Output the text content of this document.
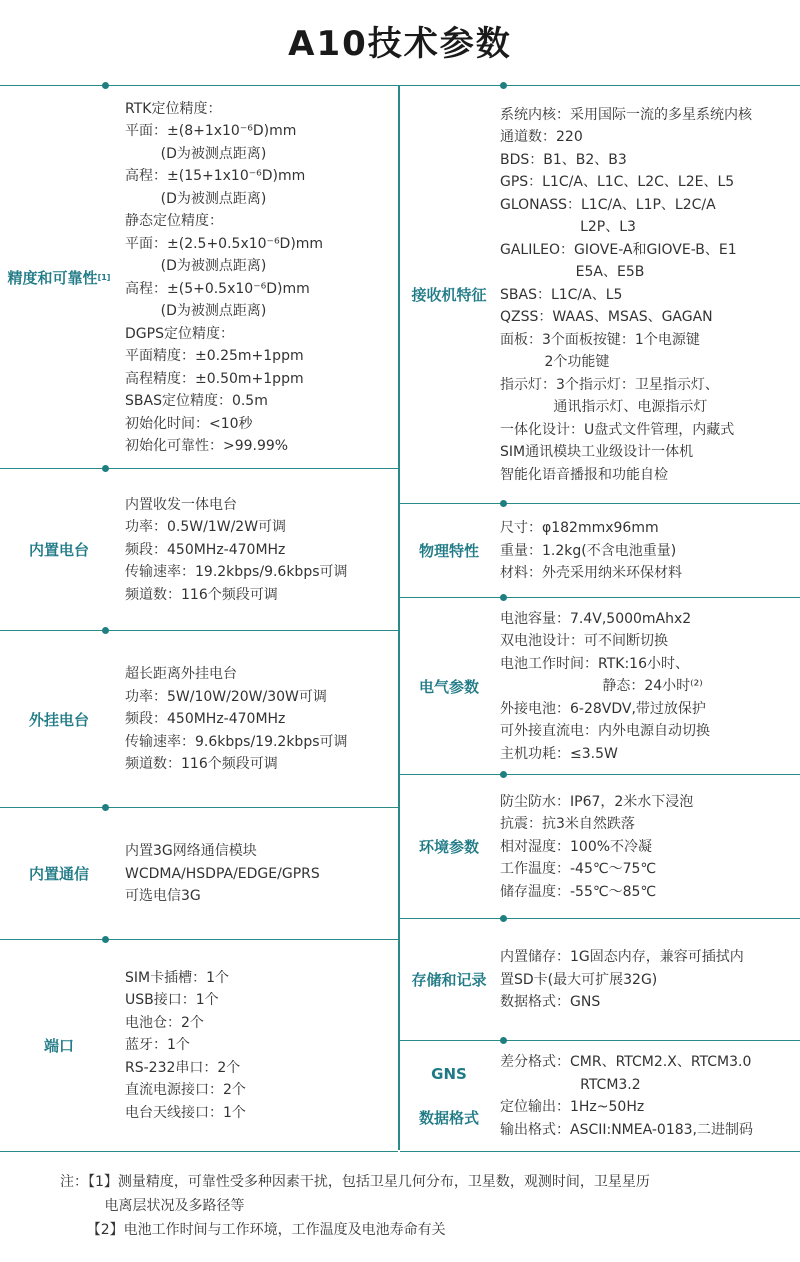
A10技术参数
精度和可靠性 [1]
RTK定位精度：
平面：±(8+1x10⁻⁶D)mm
(D为被测点距离)
高程：±(15+1x10⁻⁶D)mm
(D为被测点距离)
静态定位精度：
平面：±(2.5+0.5x10⁻⁶D)mm
(D为被测点距离)
高程：±(5+0.5x10⁻⁶D)mm
(D为被测点距离)
DGPS定位精度：
平面精度：±0.25m+1ppm
高程精度：±0.50m+1ppm
SBAS定位精度：0.5m
初始化时间：<10秒
初始化可靠性：>99.99%
内置电台
内置收发一体电台
功率：0.5W/1W/2W可调
频段：450MHz-470MHz
传输速率：19.2kbps/9.6kbps可调
频道数：116个频段可调
外挂电台
超长距离外挂电台
功率：5W/10W/20W/30W可调
频段：450MHz-470MHz
传输速率：9.6kbps/19.2kbps可调
频道数：116个频段可调
内置通信
内置3G网络通信模块
WCDMA/HSDPA/EDGE/GPRS
可选电信3G
端口
SIM卡插槽：1个
USB接口：1个
电池仓：2个
蓝牙：1个
RS-232串口：2个
直流电源接口：2个
电台天线接口：1个
接收机特征
系统内核：采用国际一流的多星系统内核
通道数：220
BDS：B1、B2、B3
GPS：L1C/A、L1C、L2C、L2E、L5
GLONASS：L1C/A、L1P、L2C/A
L2P、L3
GALILEO：GIOVE-A和GIOVE-B、E1
E5A、E5B
SBAS：L1C/A、L5
QZSS：WAAS、MSAS、GAGAN
面板：3个面板按键：1个电源键
2个功能键
指示灯：3个指示灯：卫星指示灯、
通讯指示灯、电源指示灯
一体化设计：U盘式文件管理，内藏式
SIM通讯模块工业级设计一体机
智能化语音播报和功能自检
物理特性
尺寸：φ182mmx96mm
重量：1.2kg(不含电池重量)
材料：外壳采用纳米环保材料
电气参数
电池容量：7.4V,5000mAhx2
双电池设计：可不间断切换
电池工作时间：RTK:16小时、
静态：24小时⁽²⁾
外接电池：6-28VDV,带过放保护
可外接直流电：内外电源自动切换
主机功耗：≤3.5W
环境参数
防尘防水：IP67，2米水下浸泡
抗震：抗3米自然跌落
相对湿度：100%不冷凝
工作温度：-45℃～75℃
储存温度：-55℃～85℃
存储和记录
内置储存：1G固态内存，兼容可插拭内
置SD卡(最大可扩展32G)
数据格式：GNS
GNS

数据格式
差分格式：CMR、RTCM2.X、RTCM3.0
RTCM3.2
定位输出：1Hz~50Hz
输出格式：ASCII:NMEA-0183,二进制码
注：【1】测量精度，可靠性受多种因素干扰，包括卫星几何分布，卫星数，观测时间，卫星星历
电离层状况及多路径等
【2】电池工作时间与工作环境，工作温度及电池寿命有关
